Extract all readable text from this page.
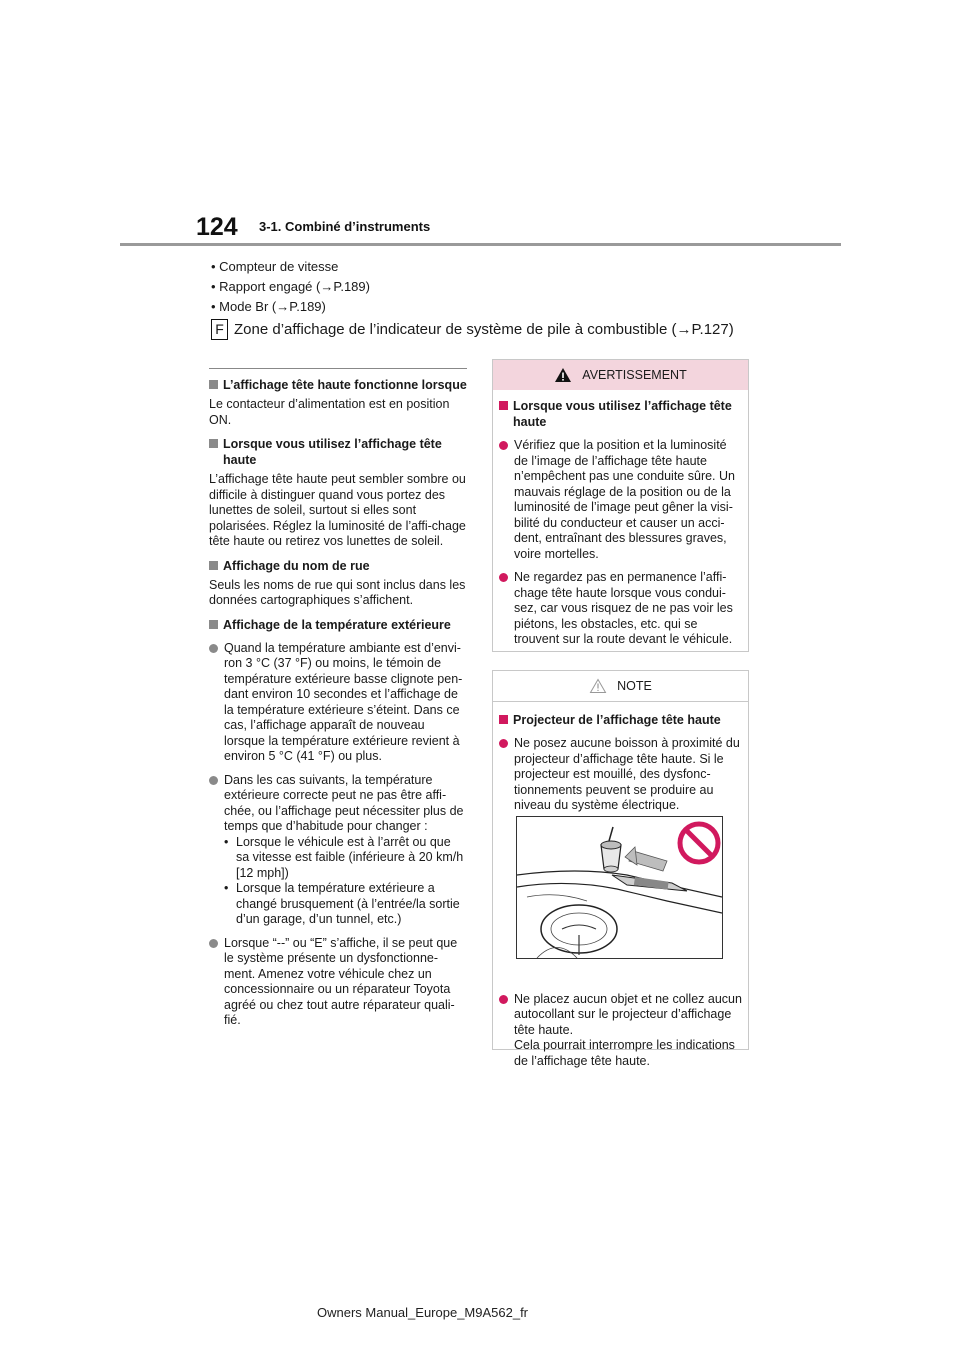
124 3-1. Combiné d’instruments
• Compteur de vitesse
• Rapport engagé (→P.189)
• Mode Br (→P.189)
F Zone d’affichage de l’indicateur de système de pile à combustible (→P.127)
L’affichage tête haute fonctionne lorsque
Le contacteur d’alimentation est en position ON.
Lorsque vous utilisez l’affichage tête haute
L’affichage tête haute peut sembler sombre ou difficile à distinguer quand vous portez des lunettes de soleil, surtout si elles sont polarisées. Réglez la luminosité de l’affi-chage tête haute ou retirez vos lunettes de soleil.
Affichage du nom de rue
Seuls les noms de rue qui sont inclus dans les données cartographiques s’affichent.
Affichage de la température extérieure
Quand la température ambiante est d’envi-ron 3 °C (37 °F) ou moins, le témoin de température extérieure basse clignote pen-dant environ 10 secondes et l’affichage de la température extérieure s’éteint. Dans ce cas, l’affichage apparaît de nouveau lorsque la température extérieure revient à environ 5 °C (41 °F) ou plus.
Dans les cas suivants, la température extérieure correcte peut ne pas être affi-chée, ou l’affichage peut nécessiter plus de temps que d’habitude pour changer :
• Lorsque le véhicule est à l’arrêt ou que sa vitesse est faible (inférieure à 20 km/h [12 mph])
• Lorsque la température extérieure a changé brusquement (à l’entrée/la sortie d’un garage, d’un tunnel, etc.)
Lorsque “--” ou “E” s’affiche, il se peut que le système présente un dysfonctionne-ment. Amenez votre véhicule chez un concessionnaire ou un réparateur Toyota agréé ou chez tout autre réparateur quali-fié.
AVERTISSEMENT
Lorsque vous utilisez l’affichage tête haute
Vérifiez que la position et la luminosité de l’image de l’affichage tête haute n’empêchent pas une conduite sûre. Un mauvais réglage de la position ou de la luminosité de l’image peut gêner la visi-bilité du conducteur et causer un acci-dent, entraînant des blessures graves, voire mortelles.
Ne regardez pas en permanence l’affi-chage tête haute lorsque vous condui-sez, car vous risquez de ne pas voir les piétons, les obstacles, etc. qui se trouvent sur la route devant le véhicule.
NOTE
Projecteur de l’affichage tête haute
Ne posez aucune boisson à proximité du projecteur d’affichage tête haute. Si le projecteur est mouillé, des dysfonc-tionnements peuvent se produire au niveau du système électrique.
Ne placez aucun objet et ne collez aucun autocollant sur le projecteur d’affichage tête haute.
Cela pourrait interrompre les indications de l’affichage tête haute.
Owners Manual_Europe_M9A562_fr
